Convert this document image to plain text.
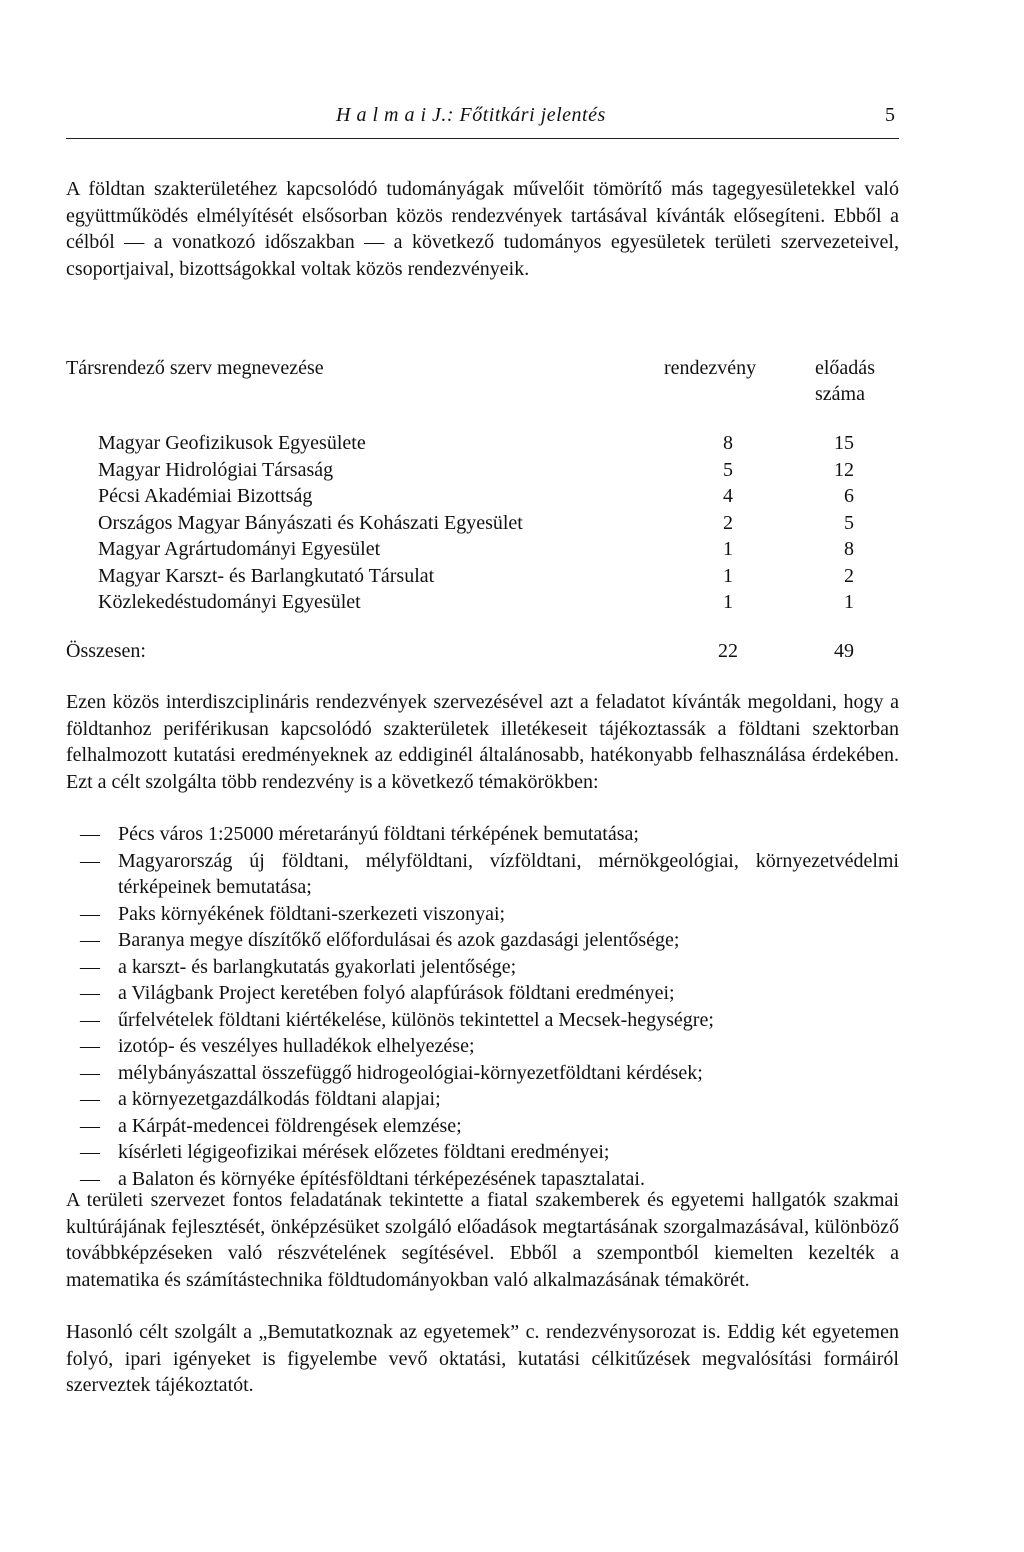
H a l m a i J.: Főtitkári jelentés	5

A földtan szakterületéhez kapcsolódó tudományágak művelőit tömörítő más tagegyesületekkel való együttműködés elmélyítését elsősorban közös rendezvények tartásával kívánták elősegíteni. Ebből a célból — a vonatkozó időszakban — a következő tudományos egyesületek területi szervezeteivel, csoportjaival, bizottságokkal voltak közös rendezvényeik.

Társrendező szerv megnevezése	rendezvény	előadás
száma
Magyar Geofizikusok Egyesülete	8	15
Magyar Hidrológiai Társaság	5	12
Pécsi Akadémiai Bizottság	4	6
Országos Magyar Bányászati és Kohászati Egyesület	2	5
Magyar Agrártudományi Egyesület	1	8
Magyar Karszt- és Barlangkutató Társulat	1	2
Közlekedéstudományi Egyesület	1	1
Összesen:	22	49

Ezen közös interdiszciplináris rendezvények szervezésével azt a feladatot kívánták megoldani, hogy a földtanhoz periférikusan kapcsolódó szakterületek illetékeseit tájékoztassák a földtani szektorban felhalmozott kutatási eredményeknek az eddiginél általánosabb, hatékonyabb felhasználása érdekében. Ezt a célt szolgálta több rendezvény is a következő témakörökben:

— Pécs város 1:25000 méretarányú földtani térképének bemutatása;
— Magyarország új földtani, mélyföldtani, vízföldtani, mérnökgeológiai, környezetvédelmi térképeinek bemutatása;
— Paks környékének földtani-szerkezeti viszonyai;
— Baranya megye díszítőkő előfordulásai és azok gazdasági jelentősége;
— a karszt- és barlangkutatás gyakorlati jelentősége;
— a Világbank Project keretében folyó alapfúrások földtani eredményei;
— űrfelvételek földtani kiértékelése, különös tekintettel a Mecsek-hegységre;
— izotóp- és veszélyes hulladékok elhelyezése;
— mélybányászattal összefüggő hidrogeológiai-környezetföldtani kérdések;
— a környezetgazdálkodás földtani alapjai;
— a Kárpát-medencei földrengések elemzése;
— kísérleti légigeofizikai mérések előzetes földtani eredményei;
— a Balaton és környéke építésföldtani térképezésének tapasztalatai.

A területi szervezet fontos feladatának tekintette a fiatal szakemberek és egyetemi hallgatók szakmai kultúrájának fejlesztését, önképzésüket szolgáló előadások megtartásának szorgalmazásával, különböző továbbképzéseken való részvételének segítésével. Ebből a szempontból kiemelten kezelték a matematika és számítástechnika földtudományokban való alkalmazásának témakörét.

Hasonló célt szolgált a „Bemutatkoznak az egyetemek” c. rendezvénysorozat is. Eddig két egyetemen folyó, ipari igényeket is figyelembe vevő oktatási, kutatási célkitűzések megvalósítási formáiról szerveztek tájékoztatót.
